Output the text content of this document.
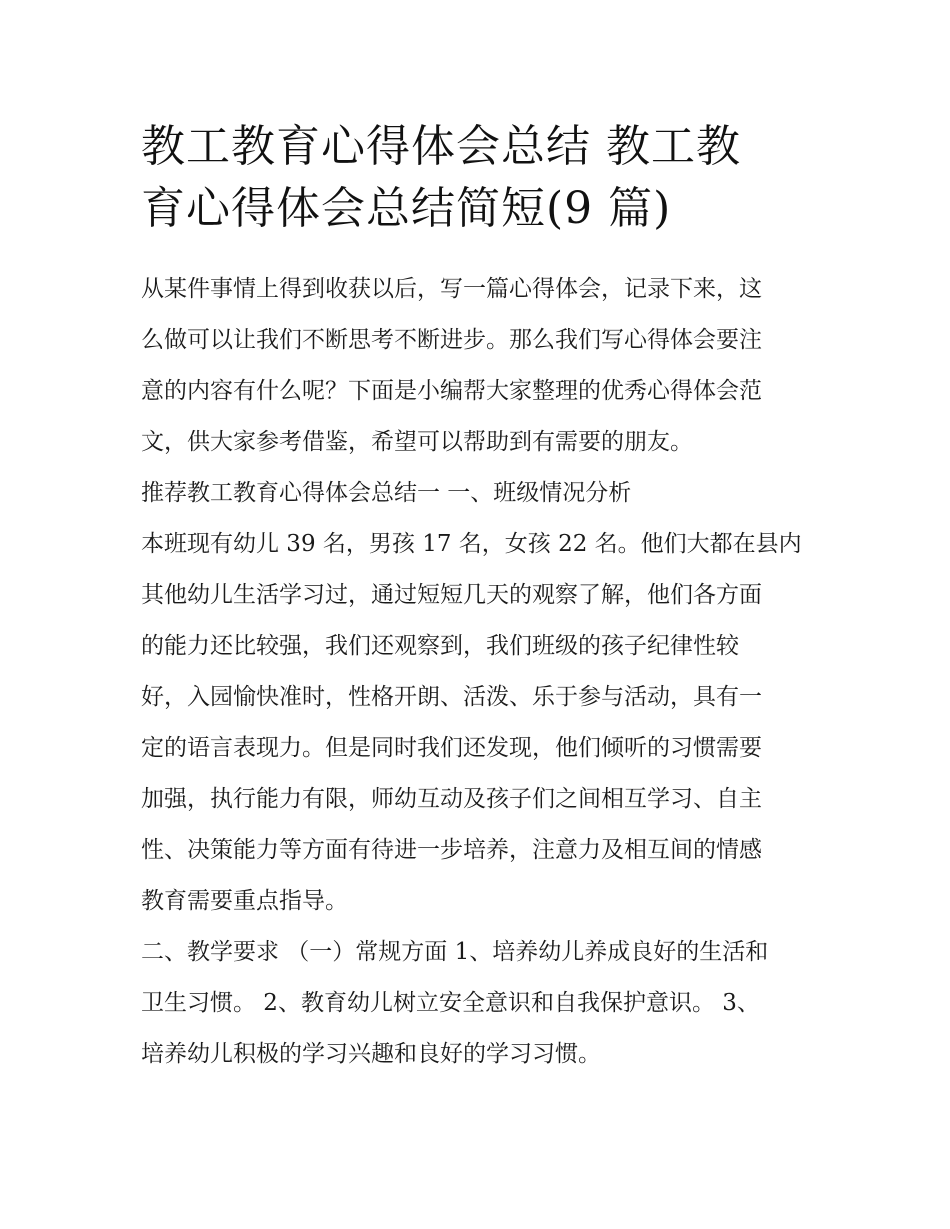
教工教育心得体会总结 教工教
育心得体会总结简短(9 篇)

从某件事情上得到收获以后，写一篇心得体会，记录下来，这
么做可以让我们不断思考不断进步。那么我们写心得体会要注
意的内容有什么呢？下面是小编帮大家整理的优秀心得体会范
文，供大家参考借鉴，希望可以帮助到有需要的朋友。

推荐教工教育心得体会总结一 一、班级情况分析

本班现有幼儿 39 名，男孩 17 名，女孩 22 名。他们大都在县内
其他幼儿生活学习过，通过短短几天的观察了解，他们各方面
的能力还比较强，我们还观察到，我们班级的孩子纪律性较
好，入园愉快准时，性格开朗、活泼、乐于参与活动，具有一
定的语言表现力。但是同时我们还发现，他们倾听的习惯需要
加强，执行能力有限，师幼互动及孩子们之间相互学习、自主
性、决策能力等方面有待进一步培养，注意力及相互间的情感
教育需要重点指导。

二、教学要求 （一）常规方面 1、培养幼儿养成良好的生活和
卫生习惯。 2、教育幼儿树立安全意识和自我保护意识。 3、
培养幼儿积极的学习兴趣和良好的学习习惯。
